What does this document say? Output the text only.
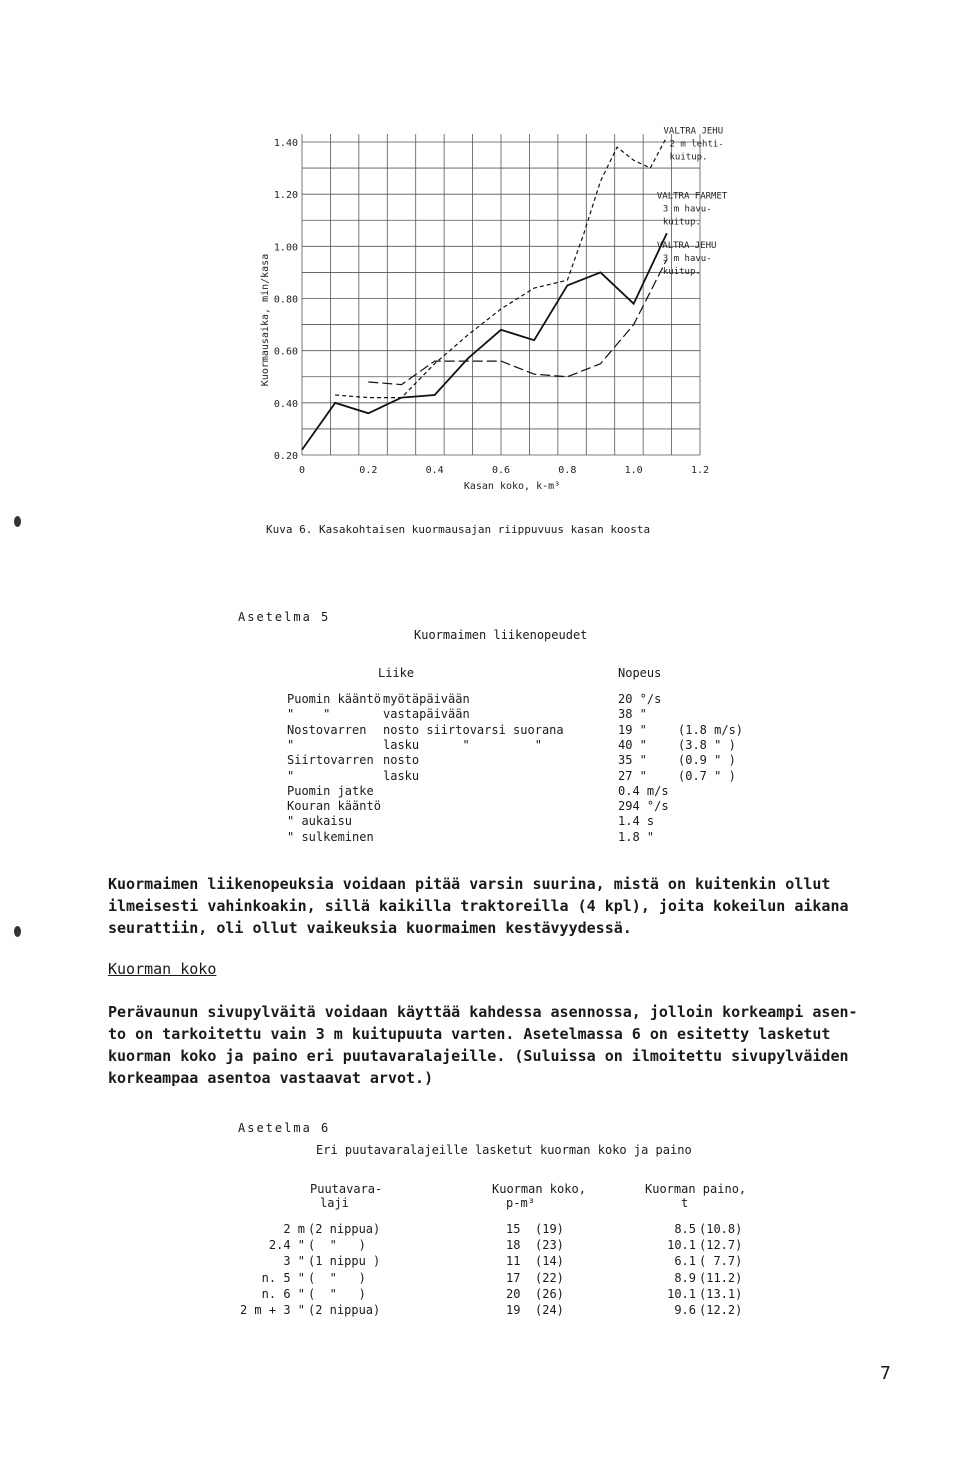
Kuormausaika, min/kasa
0.20
0.40
0.60
0.80
1.00
1.20
1.40
0	0.2	0.4	0.6	0.8	1.0	1.2
VALTRA JEHU
2 m lehti-
kuitup.
VALTRA FARMET
3 m havu-
kuitup.
VALTRA JEHU
3 m havu-
kuitup.
Kasan koko, k-m³
Kuva 6. Kasakohtaisen kuormausajan riippuvuus kasan koosta
Asetelma 5
Kuormaimen liikenopeudet
Liike	Nopeus
Puomin kääntö myötäpäivään	20 °/s
"    "	vastapäivään	38 "
Nostovarren nosto siirtovarsi suorana	19 "	(1.8 m/s)
"	lasku      "         "	40 "	(3.8 " )
Siirtovarren nosto	35 "	(0.9 " )
"	lasku	27 "	(0.7 " )
Puomin jatke	0.4 m/s
Kouran kääntö	294 °/s
" aukaisu	1.4 s
" sulkeminen	1.8 "
Kuormaimen liikenopeuksia voidaan pitää varsin suurina, mistä on kuitenkin ollut
ilmeisesti vahinkoakin, sillä kaikilla traktoreilla (4 kpl), joita kokeilun aikana
seurattiin, oli ollut vaikeuksia kuormaimen kestävyydessä.
Kuorman koko
Perävaunun sivupylväitä voidaan käyttää kahdessa asennossa, jolloin korkeampi asen-
to on tarkoitettu vain 3 m kuitupuuta varten. Asetelmassa 6 on esitetty lasketut
kuorman koko ja paino eri puutavaralajeille. (Suluissa on ilmoitettu sivupylväiden
korkeampaa asentoa vastaavat arvot.)
Asetelma 6
Eri puutavaralajeille lasketut kuorman koko ja paino
Puutavara-
laji
Kuorman koko,
p-m³
Kuorman paino,
t
2 m (2 nippua)	15 (19)	8.5 (10.8)
2.4 " (  "   )	18 (23)	10.1 (12.7)
3 " (1 nippu )	11 (14)	6.1 ( 7.7)
n. 5 " (  "   )	17 (22)	8.9 (11.2)
n. 6 " (  "   )	20 (26)	10.1 (13.1)
2 m + 3 " (2 nippua)	19 (24)	9.6 (12.2)
7
